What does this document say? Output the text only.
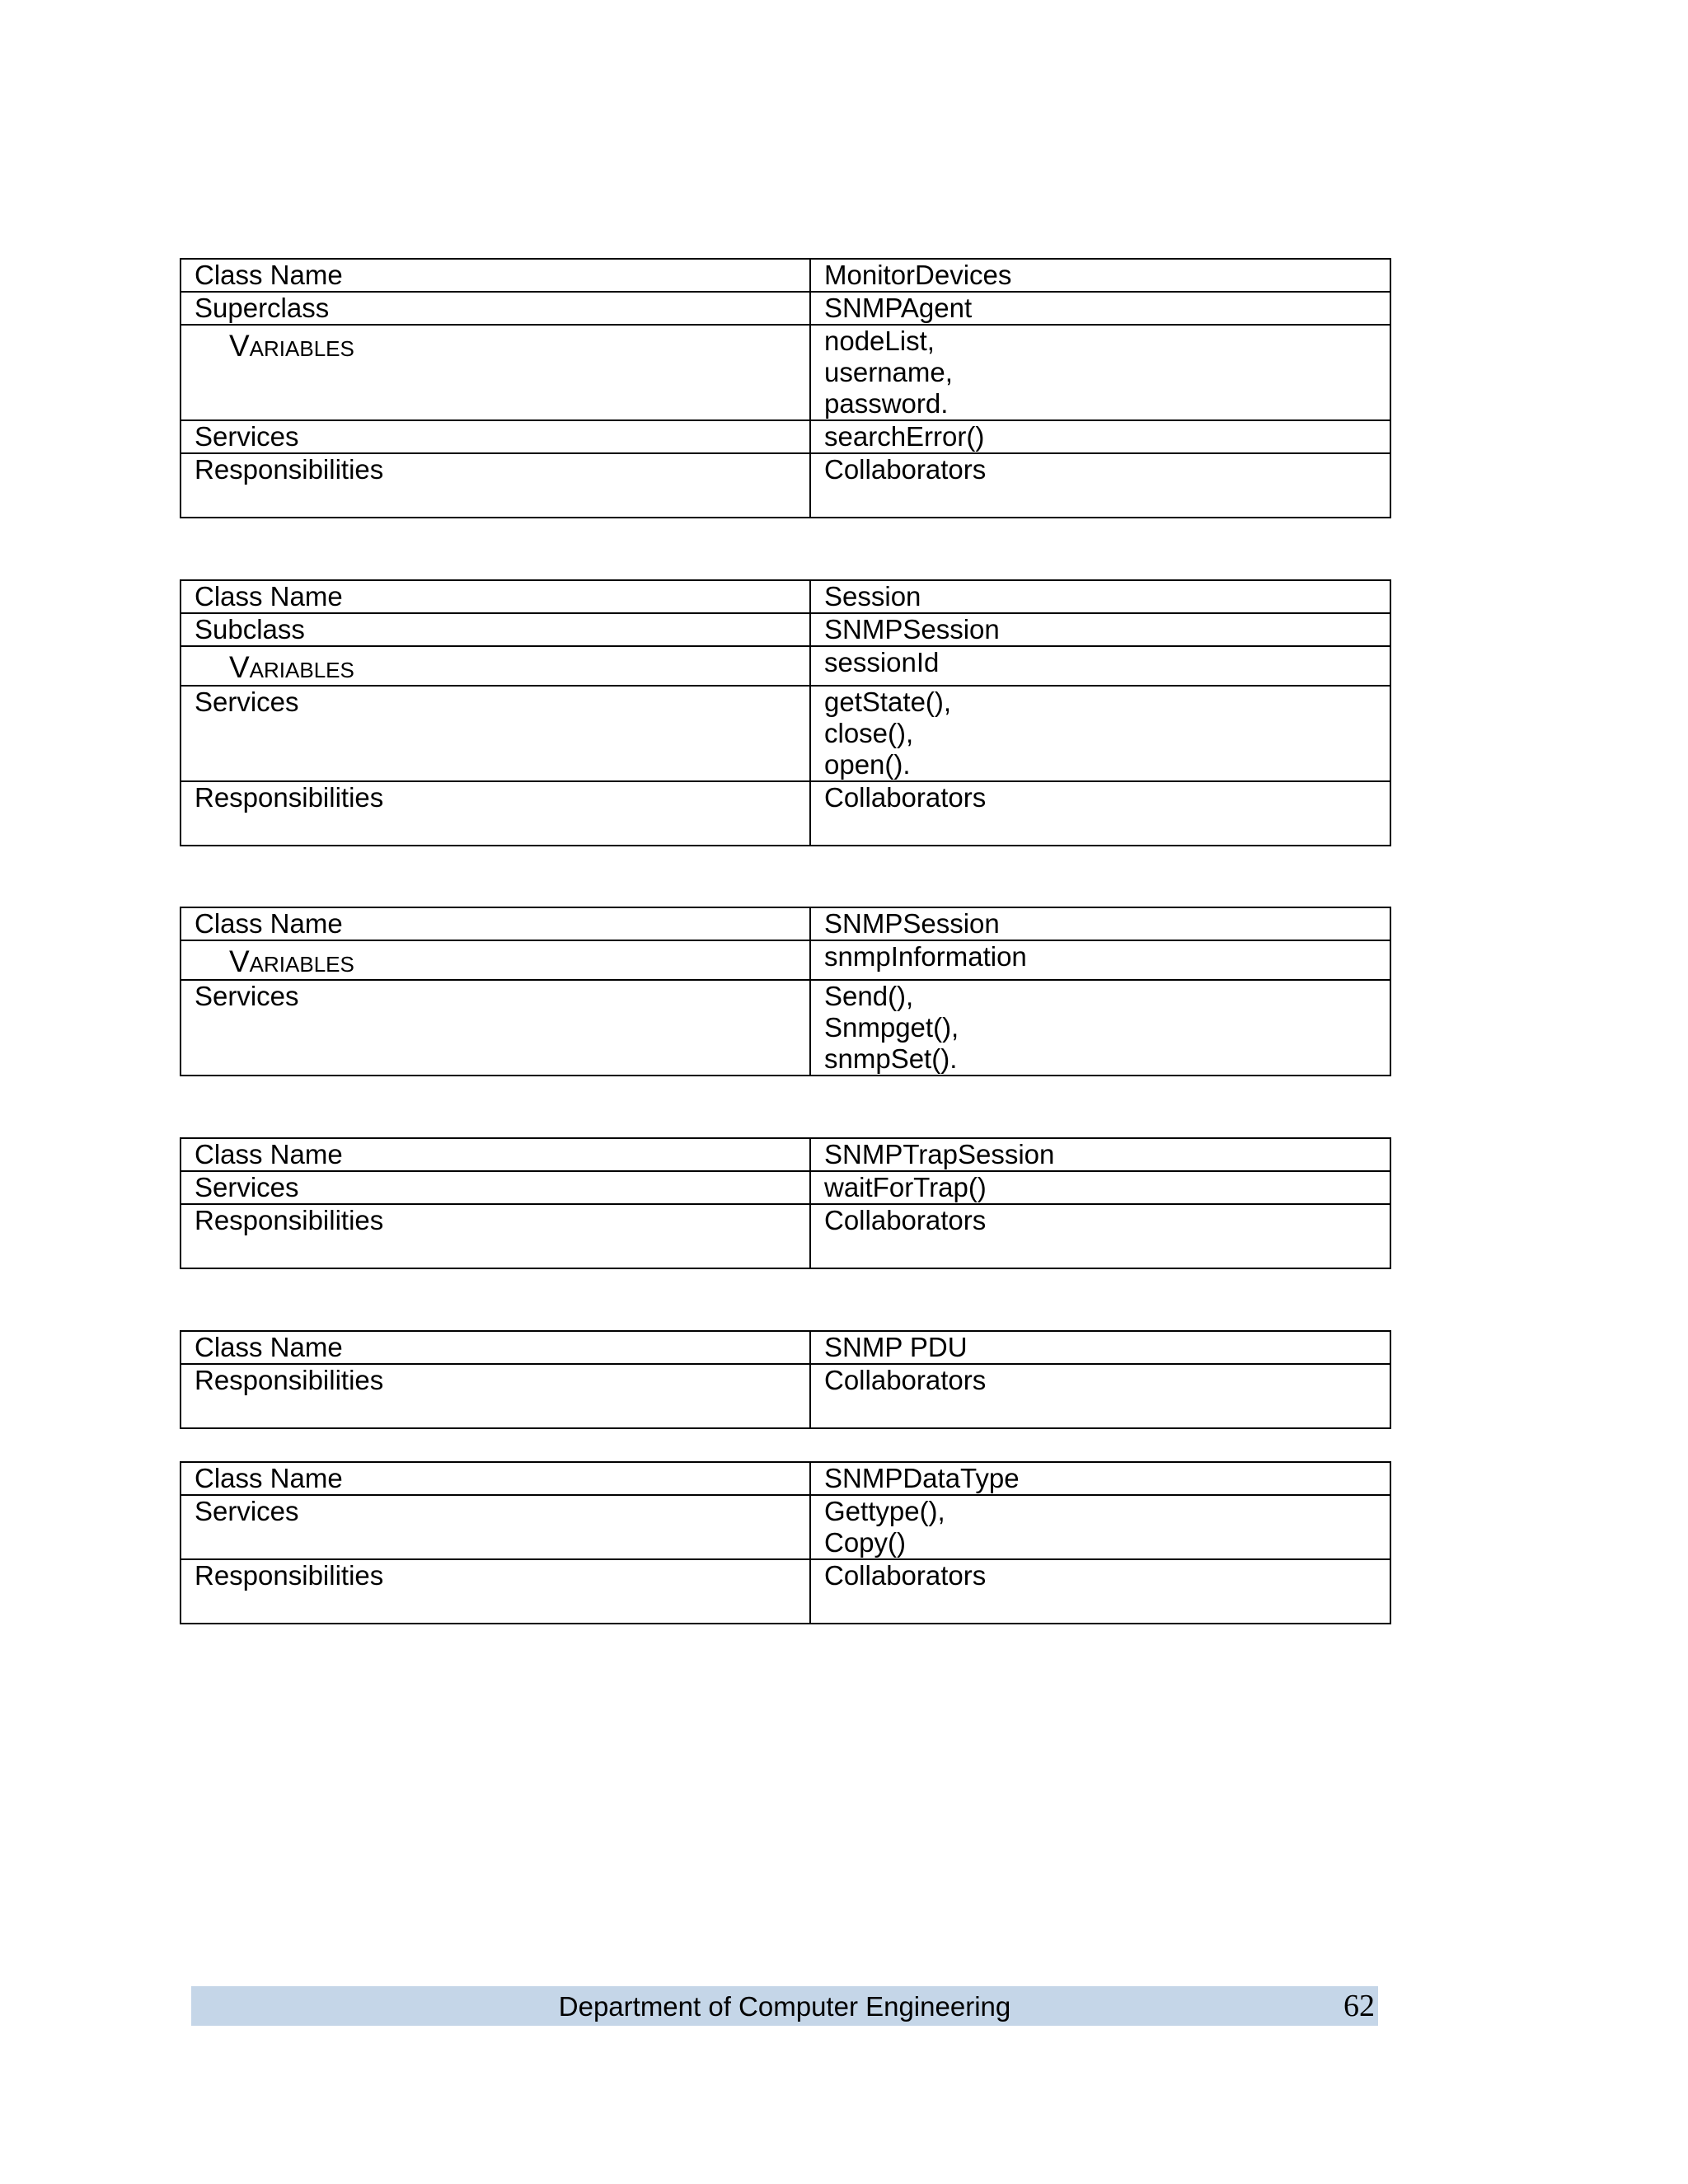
Class Name	MonitorDevices
Superclass	SNMPAgent
Variables	nodeList,
username,
password.
Services	searchError()
Responsibilities	Collaborators
Class Name	Session
Subclass	SNMPSession
Variables	sessionId
Services	getState(),
close(),
open().
Responsibilities	Collaborators
Class Name	SNMPSession
Variables	snmpInformation
Services	Send(),
Snmpget(),
snmpSet().
Class Name	SNMPTrapSession
Services	waitForTrap()
Responsibilities	Collaborators
Class Name	SNMP PDU
Responsibilities	Collaborators
Class Name	SNMPDataType
Services	Gettype(),
Copy()
Responsibilities	Collaborators
Department of Computer Engineering	62
